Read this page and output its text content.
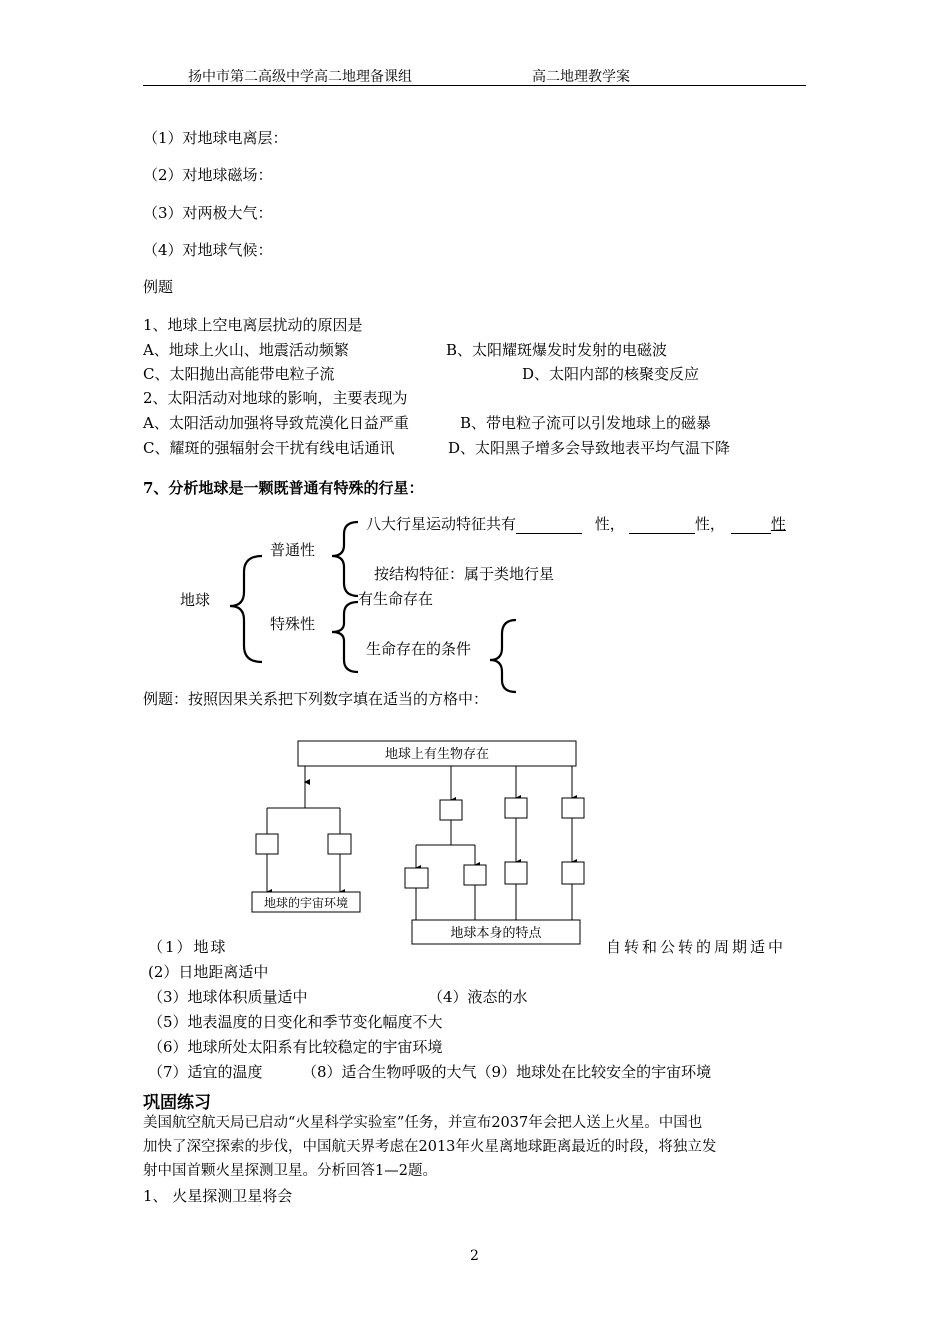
扬中市第二高级中学高二地理备课组	高二地理教学案
（1）对地球电离层：
（2）对地球磁场：
（3）对两极大气：
（4）对地球气候：
例题
1、地球上空电离层扰动的原因是
A、地球上火山、地震活动频繁	B、太阳耀斑爆发时发射的电磁波
C、太阳抛出高能带电粒子流	D、太阳内部的核聚变反应
2、太阳活动对地球的影响，主要表现为
A、太阳活动加强将导致荒漠化日益严重	B、带电粒子流可以引发地球上的磁暴
C、耀斑的强辐射会干扰有线电话通讯	D、太阳黑子增多会导致地表平均气温下降
7、分析地球是一颗既普通有特殊的行星：
地球
普通性
特殊性
八大行星运动特征共有	性，	性，	性
按结构特征：属于类地行星
有生命存在
生命存在的条件
例题：按照因果关系把下列数字填在适当的方格中：
地球上有生物存在
地球的宇宙环境
地球本身的特点
（1）地球	自转和公转的周期适中
(2）日地距离适中
（3）地球体积质量适中	（4）液态的水
（5）地表温度的日变化和季节变化幅度不大
（6）地球所处太阳系有比较稳定的宇宙环境
（7）适宜的温度	（8）适合生物呼吸的大气（9）地球处在比较安全的宇宙环境
巩固练习
美国航空航天局已启动“火星科学实验室”任务，并宣布2037年会把人送上火星。中国也
加快了深空探索的步伐，中国航天界考虑在2013年火星离地球距离最近的时段，将独立发
射中国首颗火星探测卫星。分析回答1—2题。
1、 火星探测卫星将会
2
